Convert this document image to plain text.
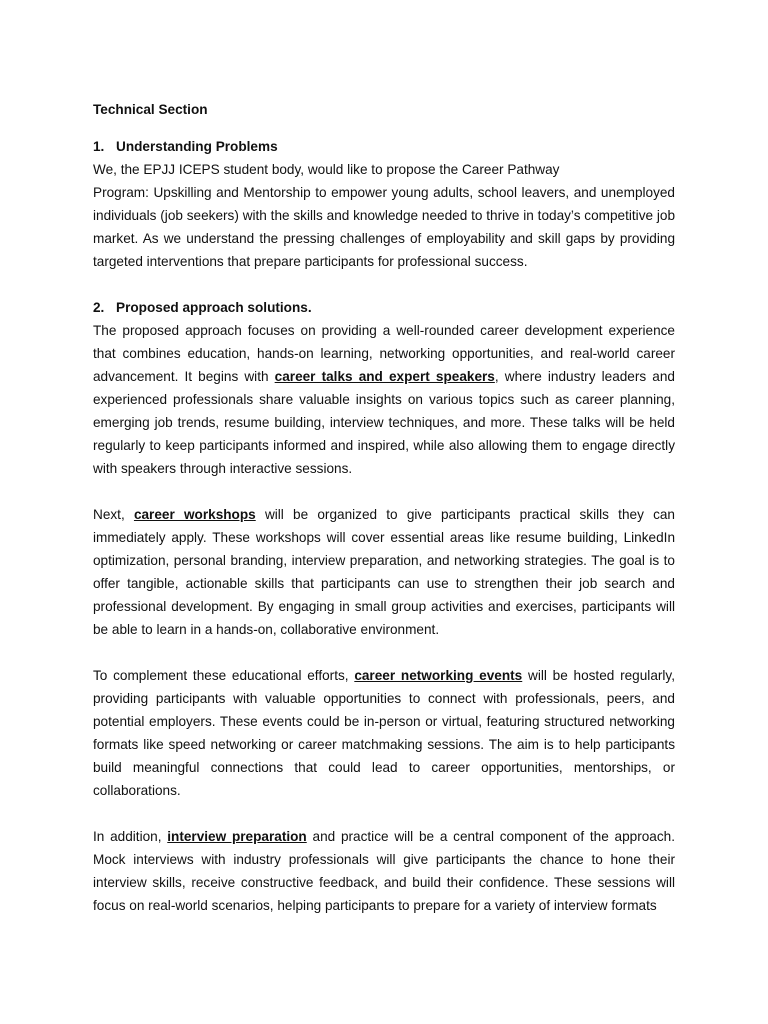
Technical Section
1. Understanding Problems

We, the EPJJ ICEPS student body, would like to propose the Career Pathway

Program: Upskilling and Mentorship to empower young adults, school leavers, and unemployed individuals (job seekers) with the skills and knowledge needed to thrive in today’s competitive job market. As we understand the pressing challenges of employability and skill gaps by providing targeted interventions that prepare participants for professional success.

2. Proposed approach solutions.

The proposed approach focuses on providing a well-rounded career development experience that combines education, hands-on learning, networking opportunities, and real-world career advancement. It begins with career talks and expert speakers, where industry leaders and experienced professionals share valuable insights on various topics such as career planning, emerging job trends, resume building, interview techniques, and more. These talks will be held regularly to keep participants informed and inspired, while also allowing them to engage directly with speakers through interactive sessions.

Next, career workshops will be organized to give participants practical skills they can immediately apply. These workshops will cover essential areas like resume building, LinkedIn optimization, personal branding, interview preparation, and networking strategies. The goal is to offer tangible, actionable skills that participants can use to strengthen their job search and professional development. By engaging in small group activities and exercises, participants will be able to learn in a hands-on, collaborative environment.

To complement these educational efforts, career networking events will be hosted regularly, providing participants with valuable opportunities to connect with professionals, peers, and potential employers. These events could be in-person or virtual, featuring structured networking formats like speed networking or career matchmaking sessions. The aim is to help participants build meaningful connections that could lead to career opportunities, mentorships, or collaborations.

In addition, interview preparation and practice will be a central component of the approach. Mock interviews with industry professionals will give participants the chance to hone their interview skills, receive constructive feedback, and build their confidence. These sessions will focus on real-world scenarios, helping participants to prepare for a variety of interview formats
